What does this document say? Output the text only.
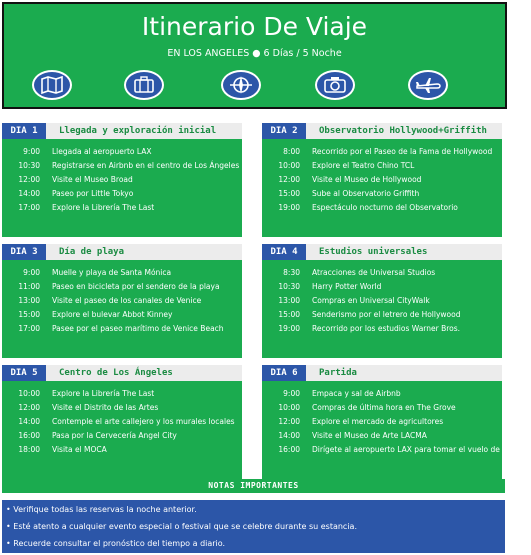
Itinerario De Viaje
EN LOS ANGELES ● 6 Días / 5 Noche
DIA 1	Llegada y exploración inicial
9:00 Llegada al aeropuerto LAX
10:30 Registrarse en Airbnb en el centro de Los Ángeles
12:00 Visite el Museo Broad
14:00 Paseo por Little Tokyo
17:00 Explore la Librería The Last
DIA 2	Observatorio Hollywood+Griffith
8:00 Recorrido por el Paseo de la Fama de Hollywood
10:00 Explore el Teatro Chino TCL
12:00 Visite el Museo de Hollywood
15:00 Sube al Observatorio Griffith
19:00 Espectáculo nocturno del Observatorio
DIA 3	Día de playa
9:00 Muelle y playa de Santa Mónica
11:00 Paseo en bicicleta por el sendero de la playa
13:00 Visite el paseo de los canales de Venice
15:00 Explore el bulevar Abbot Kinney
17:00 Pasee por el paseo marítimo de Venice Beach
DIA 4	Estudios universales
8:30 Atracciones de Universal Studios
10:30 Harry Potter World
13:00 Compras en Universal CityWalk
15:00 Senderismo por el letrero de Hollywood
19:00 Recorrido por los estudios Warner Bros.
DIA 5	Centro de Los Ángeles
10:00 Explore la Librería The Last
12:00 Visite el Distrito de las Artes
14:00 Contemple el arte callejero y los murales locales
16:00 Pasa por la Cervecería Angel City
18:00 Visita el MOCA
DIA 6	Partida
9:00 Empaca y sal de Airbnb
10:00 Compras de última hora en The Grove
12:00 Explore el mercado de agricultores
14:00 Visite el Museo de Arte LACMA
16:00 Dirígete al aeropuerto LAX para tomar el vuelo de regreso
NOTAS IMPORTANTES
• Verifique todas las reservas la noche anterior.
• Esté atento a cualquier evento especial o festival que se celebre durante su estancia.
• Recuerde consultar el pronóstico del tiempo a diario.
